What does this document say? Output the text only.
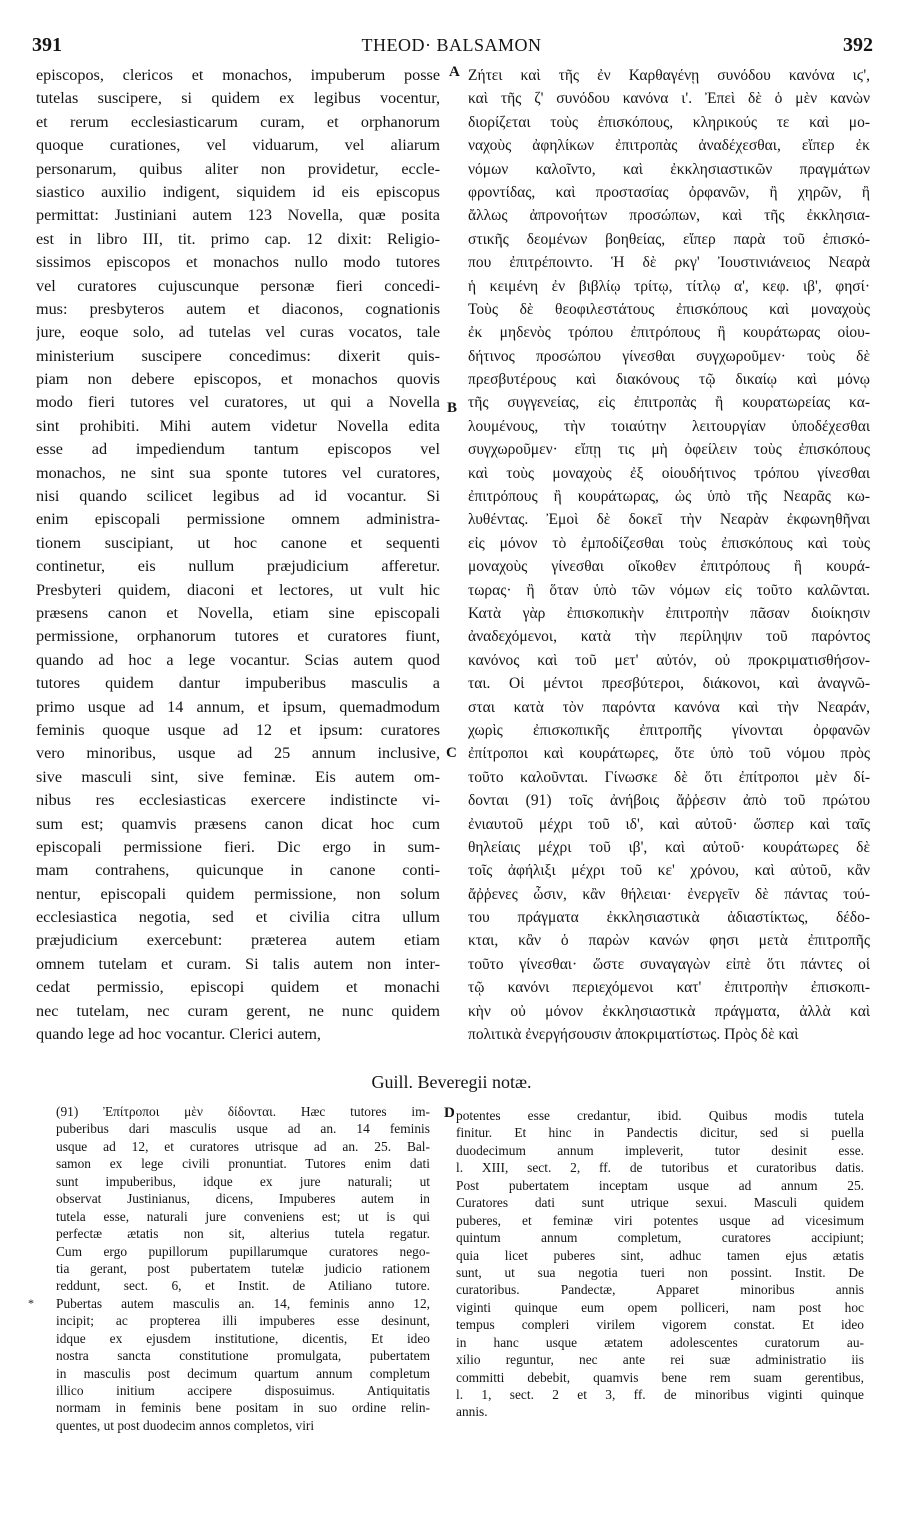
391	THEOD· BALSAMON	392
episcopos, clericos et monachos, impuberum posse
tutelas suscipere, si quidem ex legibus vocentur,
et rerum ecclesiasticarum curam, et orphanorum
quoque curationes, vel viduarum, vel aliarum
personarum, quibus aliter non providetur, eccle-
siastico auxilio indigent, siquidem id eis episcopus
permittat: Justiniani autem 123 Novella, quæ posita
est in libro III, tit. primo cap. 12 dixit: Religio-
sissimos episcopos et monachos nullo modo tutores
vel curatores cujuscunque personæ fieri concedi-
mus: presbyteros autem et diaconos, cognationis
jure, eoque solo, ad tutelas vel curas vocatos, tale
ministerium suscipere concedimus: dixerit quis-
piam non debere episcopos, et monachos quovis
modo fieri tutores vel curatores, ut qui a Novella
sint prohibiti. Mihi autem videtur Novella edita
esse ad impediendum tantum episcopos vel
monachos, ne sint sua sponte tutores vel curatores,
nisi quando scilicet legibus ad id vocantur. Si
enim episcopali permissione omnem administra-
tionem suscipiant, ut hoc canone et sequenti
continetur, eis nullum præjudicium afferetur.
Presbyteri quidem, diaconi et lectores, ut vult hic
præsens canon et Novella, etiam sine episcopali
permissione, orphanorum tutores et curatores fiunt,
quando ad hoc a lege vocantur. Scias autem quod
tutores quidem dantur impuberibus masculis a
primo usque ad 14 annum, et ipsum, quemadmodum
feminis quoque usque ad 12 et ipsum: curatores
vero minoribus, usque ad 25 annum inclusive,
sive masculi sint, sive feminæ. Eis autem om-
nibus res ecclesiasticas exercere indistincte vi-
sum est; quamvis præsens canon dicat hoc cum
episcopali permissione fieri. Dic ergo in sum-
mam contrahens, quicunque in canone conti-
nentur, episcopali quidem permissione, non solum
ecclesiastica negotia, sed et civilia citra ullum
præjudicium exercebunt: præterea autem etiam
omnem tutelam et curam. Si talis autem non inter-
cedat permissio, episcopi quidem et monachi
nec tutelam, nec curam gerent, ne nunc quidem
quando lege ad hoc vocantur. Clerici autem,
Ζήτει καὶ τῆς ἐν Καρθαγένῃ συνόδου κανόνα ιϛ',
καὶ τῆς ζ' συνόδου κανόνα ι'. Ἐπεὶ δὲ ὁ μὲν κανὼν
διορίζεται τοὺς ἐπισκόπους, κληρικούς τε καὶ μο-
ναχοὺς ἀφηλίκων ἐπιτροπὰς ἀναδέχεσθαι, εἴπερ ἐκ
νόμων καλοῖντο, καὶ ἐκκλησιαστικῶν πραγμάτων
φροντίδας, καὶ προστασίας ὀρφανῶν, ἢ χηρῶν, ἢ
ἄλλως ἀπρονοήτων προσώπων, καὶ τῆς ἐκκλησια-
στικῆς δεομένων βοηθείας, εἴπερ παρὰ τοῦ ἐπισκό-
που ἐπιτρέποιντο. Ἡ δὲ ρκγ' Ἰουστινιάνειος Νεαρὰ
ἡ κειμένη ἐν βιβλίῳ τρίτῳ, τίτλῳ α', κεφ. ιβ', φησί·
Τοὺς δὲ θεοφιλεστάτους ἐπισκόπους καὶ μοναχοὺς
ἐκ μηδενὸς τρόπου ἐπιτρόπους ἢ κουράτωρας οἱου-
δήτινος προσώπου γίνεσθαι συγχωροῦμεν· τοὺς δὲ
πρεσβυτέρους καὶ διακόνους τῷ δικαίῳ καὶ μόνῳ
τῆς συγγενείας, εἰς ἐπιτροπὰς ἢ κουρατωρείας κα-
λουμένους, τὴν τοιαύτην λειτουργίαν ὑποδέχεσθαι
συγχωροῦμεν· εἴπῃ τις μὴ ὀφείλειν τοὺς ἐπισκόπους
καὶ τοὺς μοναχοὺς ἐξ οἱουδήτινος τρόπου γίνεσθαι
ἐπιτρόπους ἢ κουράτωρας, ὡς ὑπὸ τῆς Νεαρᾶς κω-
λυθέντας. Ἐμοὶ δὲ δοκεῖ τὴν Νεαρὰν ἐκφωνηθῆναι
εἰς μόνον τὸ ἐμποδίζεσθαι τοὺς ἐπισκόπους καὶ τοὺς
μοναχοὺς γίνεσθαι οἴκοθεν ἐπιτρόπους ἢ κουρά-
τωρας· ἢ ὅταν ὑπὸ τῶν νόμων εἰς τοῦτο καλῶνται.
Κατὰ γὰρ ἐπισκοπικὴν ἐπιτροπὴν πᾶσαν διοίκησιν
ἀναδεχόμενοι, κατὰ τὴν περίληψιν τοῦ παρόντος
κανόνος καὶ τοῦ μετ' αὐτόν, οὐ προκριματισθήσον-
ται. Οἱ μέντοι πρεσβύτεροι, διάκονοι, καὶ ἀναγνῶ-
σται κατὰ τὸν παρόντα κανόνα καὶ τὴν Νεαράν,
χωρὶς ἐπισκοπικῆς ἐπιτροπῆς γίνονται ὀρφανῶν
ἐπίτροποι καὶ κουράτωρες, ὅτε ὑπὸ τοῦ νόμου πρὸς
τοῦτο καλοῦνται. Γίνωσκε δὲ ὅτι ἐπίτροποι μὲν δί-
δονται (91) τοῖς ἀνήβοις ἄῤῥεσιν ἀπὸ τοῦ πρώτου
ἐνιαυτοῦ μέχρι τοῦ ιδ', καὶ αὐτοῦ· ὥσπερ καὶ ταῖς
θηλείαις μέχρι τοῦ ιβ', καὶ αὐτοῦ· κουράτωρες δὲ
τοῖς ἀφήλιξι μέχρι τοῦ κε' χρόνου, καὶ αὐτοῦ, κἂν
ἄῤῥενες ὦσιν, κἂν θήλειαι· ἐνεργεῖν δὲ πάντας τού-
του πράγματα ἐκκλησιαστικὰ ἀδιαστίκτως, δέδο-
κται, κἂν ὁ παρὼν κανών φησι μετὰ ἐπιτροπῆς
τοῦτο γίνεσθαι· ὥστε συναγαγὼν εἰπὲ ὅτι πάντες οἱ
τῷ κανόνι περιεχόμενοι κατ' ἐπιτροπὴν ἐπισκοπι-
κὴν οὐ μόνον ἐκκλησιαστικὰ πράγματα, ἀλλὰ καὶ
πολιτικὰ ἐνεργήσουσιν ἀποκριματίστως. Πρὸς δὲ καὶ
A
B
C
D
Guill. Beveregii notæ.
(91) Ἐπίτροποι μὲν δίδονται. Hæc tutores im-
puberibus dari masculis usque ad an. 14 feminis
usque ad 12, et curatores utrisque ad an. 25. Bal-
samon ex lege civili pronuntiat. Tutores enim dati
sunt impuberibus, idque ex jure naturali; ut
observat Justinianus, dicens, Impuberes autem in
tutela esse, naturali jure conveniens est; ut is qui
perfectæ ætatis non sit, alterius tutela regatur.
Cum ergo pupillorum pupillarumque curatores nego-
tia gerant, post pubertatem tutelæ judicio rationem
reddunt, sect. 6, et Instit. de Atiliano tutore.
Pubertas autem masculis an. 14, feminis anno 12,
incipit; ac propterea illi impuberes esse desinunt,
idque ex ejusdem institutione, dicentis, Et ideo
nostra sancta constitutione promulgata, pubertatem
in masculis post decimum quartum annum completum
illico initium accipere disposuimus. Antiquitatis
normam in feminis bene positam in suo ordine relin-
quentes, ut post duodecim annos completos, viri
potentes esse credantur, ibid. Quibus modis tutela
finitur. Et hinc in Pandectis dicitur, sed si puella
duodecimum annum impleverit, tutor desinit esse.
l. XIII, sect. 2, ff. de tutoribus et curatoribus datis.
Post pubertatem inceptam usque ad annum 25.
Curatores dati sunt utrique sexui. Masculi quidem
puberes, et feminæ viri potentes usque ad vicesimum
quintum annum completum, curatores accipiunt;
quia licet puberes sint, adhuc tamen ejus ætatis
sunt, ut sua negotia tueri non possint. Instit. De
curatoribus. Pandectæ, Apparet minoribus annis
viginti quinque eum opem polliceri, nam post hoc
tempus compleri virilem vigorem constat. Et ideo
in hanc usque ætatem adolescentes curatorum au-
xilio reguntur, nec ante rei suæ administratio iis
committi debebit, quamvis bene rem suam gerentibus,
l. 1, sect. 2 et 3, ff. de minoribus viginti quinque
annis.
*
